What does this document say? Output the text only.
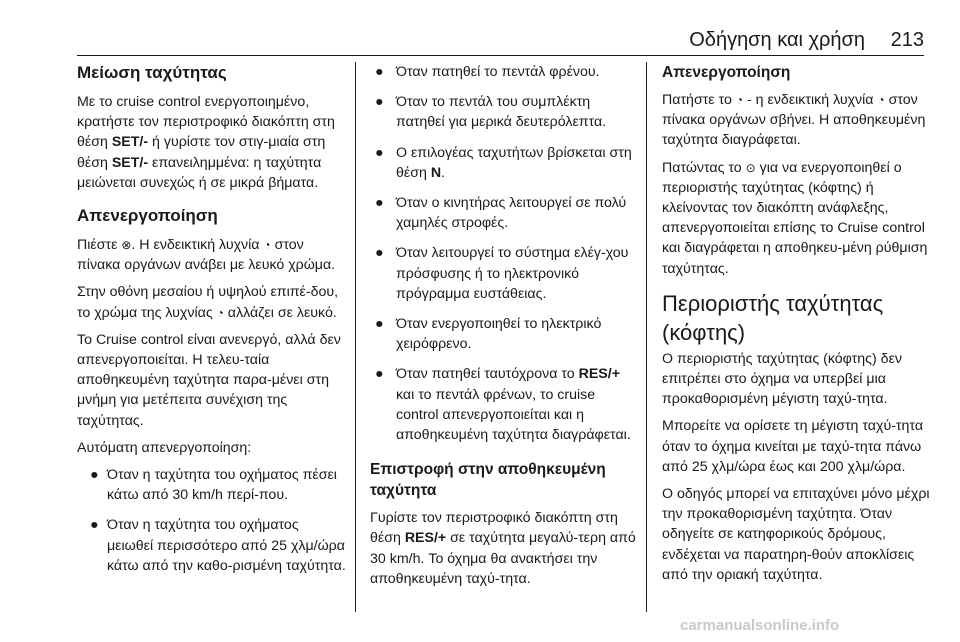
Οδήγηση και χρήση 213
Μείωση ταχύτητας

Με το cruise control ενεργοποιημένο, κρατήστε τον περιστροφικό διακόπτη στη θέση SET/- ή γυρίστε τον στιγ-μιαία στη θέση SET/- επανειλημμένα: η ταχύτητα μειώνεται συνεχώς ή σε μικρά βήματα.

Απενεργοποίηση

Πιέστε ⊗. Η ενδεικτική λυχνία ◔ στον πίνακα οργάνων ανάβει με λευκό χρώμα.

Στην οθόνη μεσαίου ή υψηλού επιπέ-δου, το χρώμα της λυχνίας ◔ αλλάζει σε λευκό.

Το Cruise control είναι ανενεργό, αλλά δεν απενεργοποιείται. Η τελευ-ταία αποθηκευμένη ταχύτητα παρα-μένει στη μνήμη για μετέπειτα συνέχιση της ταχύτητας.

Αυτόματη απενεργοποίηση:

● Όταν η ταχύτητα του οχήματος πέσει κάτω από 30 km/h περί-που.
● Όταν η ταχύτητα του οχήματος μειωθεί περισσότερο από 25 χλμ/ώρα κάτω από την καθο-ρισμένη ταχύτητα.
● Όταν πατηθεί το πεντάλ φρένου.
● Όταν το πεντάλ του συμπλέκτη πατηθεί για μερικά δευτερόλεπτα.
● Ο επιλογέας ταχυτήτων βρίσκεται στη θέση N.
● Όταν ο κινητήρας λειτουργεί σε πολύ χαμηλές στροφές.
● Όταν λειτουργεί το σύστημα ελέγ-χου πρόσφυσης ή το ηλεκτρονικό πρόγραμμα ευστάθειας.
● Όταν ενεργοποιηθεί το ηλεκτρικό χειρόφρενο.
● Όταν πατηθεί ταυτόχρονα το RES/+ και το πεντάλ φρένων, το cruise control απενεργοποιείται και η αποθηκευμένη ταχύτητα διαγράφεται.
Επιστροφή στην αποθηκευμένη ταχύτητα

Γυρίστε τον περιστροφικό διακόπτη στη θέση RES/+ σε ταχύτητα μεγαλύ-τερη από 30 km/h. Το όχημα θα ανακτήσει την αποθηκευμένη ταχύ-τητα.

Απενεργοποίηση

Πατήστε το ◔ - η ενδεικτική λυχνία ◔ στον πίνακα οργάνων σβήνει. Η αποθηκευμένη ταχύτητα διαγράφεται.

Πατώντας το ⊙ για να ενεργοποιηθεί ο περιοριστής ταχύτητας (κόφτης) ή κλείνοντας τον διακόπτη ανάφλεξης, απενεργοποιείται επίσης το Cruise control και διαγράφεται η αποθηκευ-μένη ρύθμιση ταχύτητας.

Περιοριστής ταχύτητας (κόφτης)

Ο περιοριστής ταχύτητας (κόφτης) δεν επιτρέπει στο όχημα να υπερβεί μια προκαθορισμένη μέγιστη ταχύ-τητα.

Μπορείτε να ορίσετε τη μέγιστη ταχύ-τητα όταν το όχημα κινείται με ταχύ-τητα πάνω από 25 χλμ/ώρα έως και 200 χλμ/ώρα.

Ο οδηγός μπορεί να επιταχύνει μόνο μέχρι την προκαθορισμένη ταχύτητα. Όταν οδηγείτε σε κατηφορικούς δρόμους, ενδέχεται να παρατηρη-θούν αποκλίσεις από την οριακή ταχύτητα.

carmanualsonline.info
